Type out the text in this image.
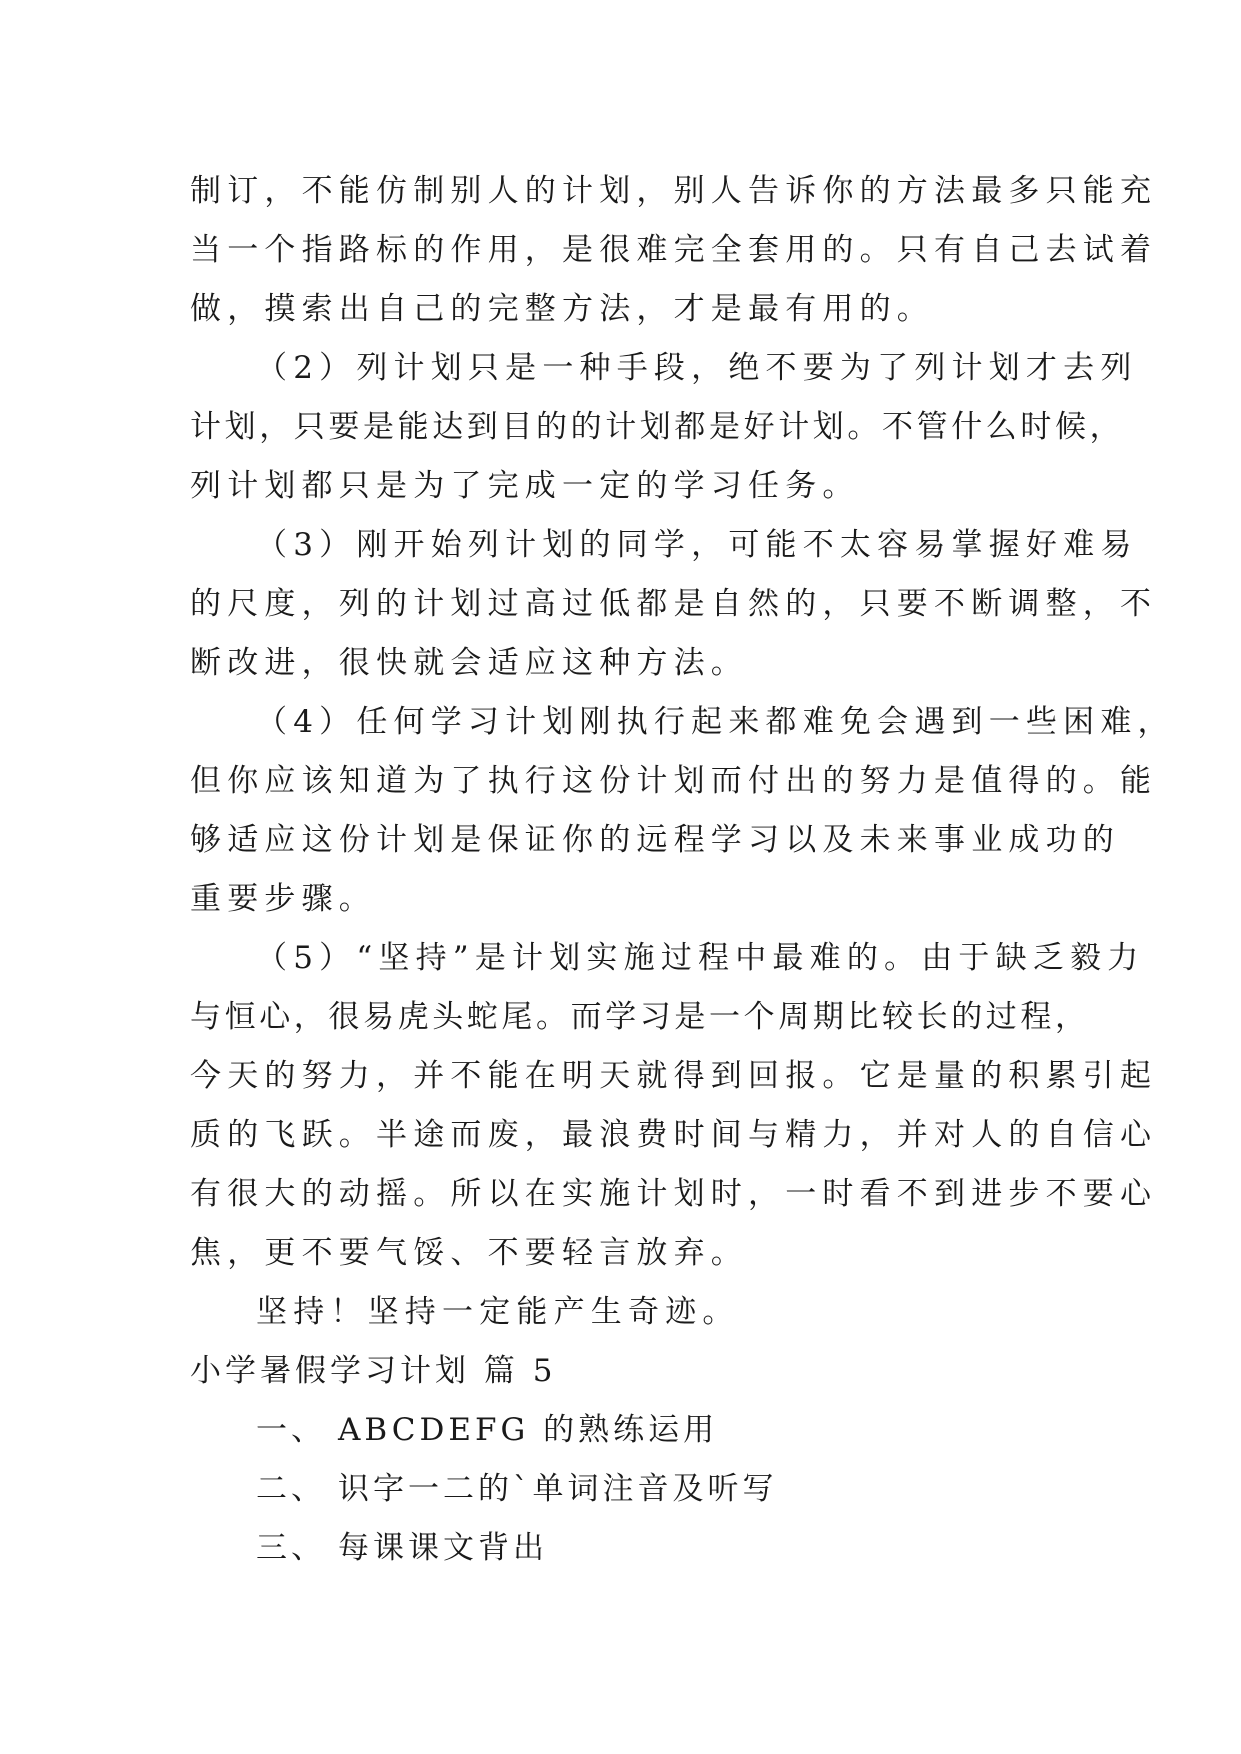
制订，不能仿制别人的计划，别人告诉你的方法最多只能充
当一个指路标的作用，是很难完全套用的。只有自己去试着
做，摸索出自己的完整方法，才是最有用的。
（2）列计划只是一种手段，绝不要为了列计划才去列
计划，只要是能达到目的的计划都是好计划。不管什么时候，
列计划都只是为了完成一定的学习任务。
（3）刚开始列计划的同学，可能不太容易掌握好难易
的尺度，列的计划过高过低都是自然的，只要不断调整，不
断改进，很快就会适应这种方法。
（4）任何学习计划刚执行起来都难免会遇到一些困难，
但你应该知道为了执行这份计划而付出的努力是值得的。能
够适应这份计划是保证你的远程学习以及未来事业成功的
重要步骤。
（5）“坚持”是计划实施过程中最难的。由于缺乏毅力
与恒心，很易虎头蛇尾。而学习是一个周期比较长的过程，
今天的努力，并不能在明天就得到回报。它是量的积累引起
质的飞跃。半途而废，最浪费时间与精力，并对人的自信心
有很大的动摇。所以在实施计划时，一时看不到进步不要心
焦，更不要气馁、不要轻言放弃。
坚持！坚持一定能产生奇迹。
小学暑假学习计划 篇 5
一、 ABCDEFG 的熟练运用
二、 识字一二的`单词注音及听写
三、 每课课文背出
